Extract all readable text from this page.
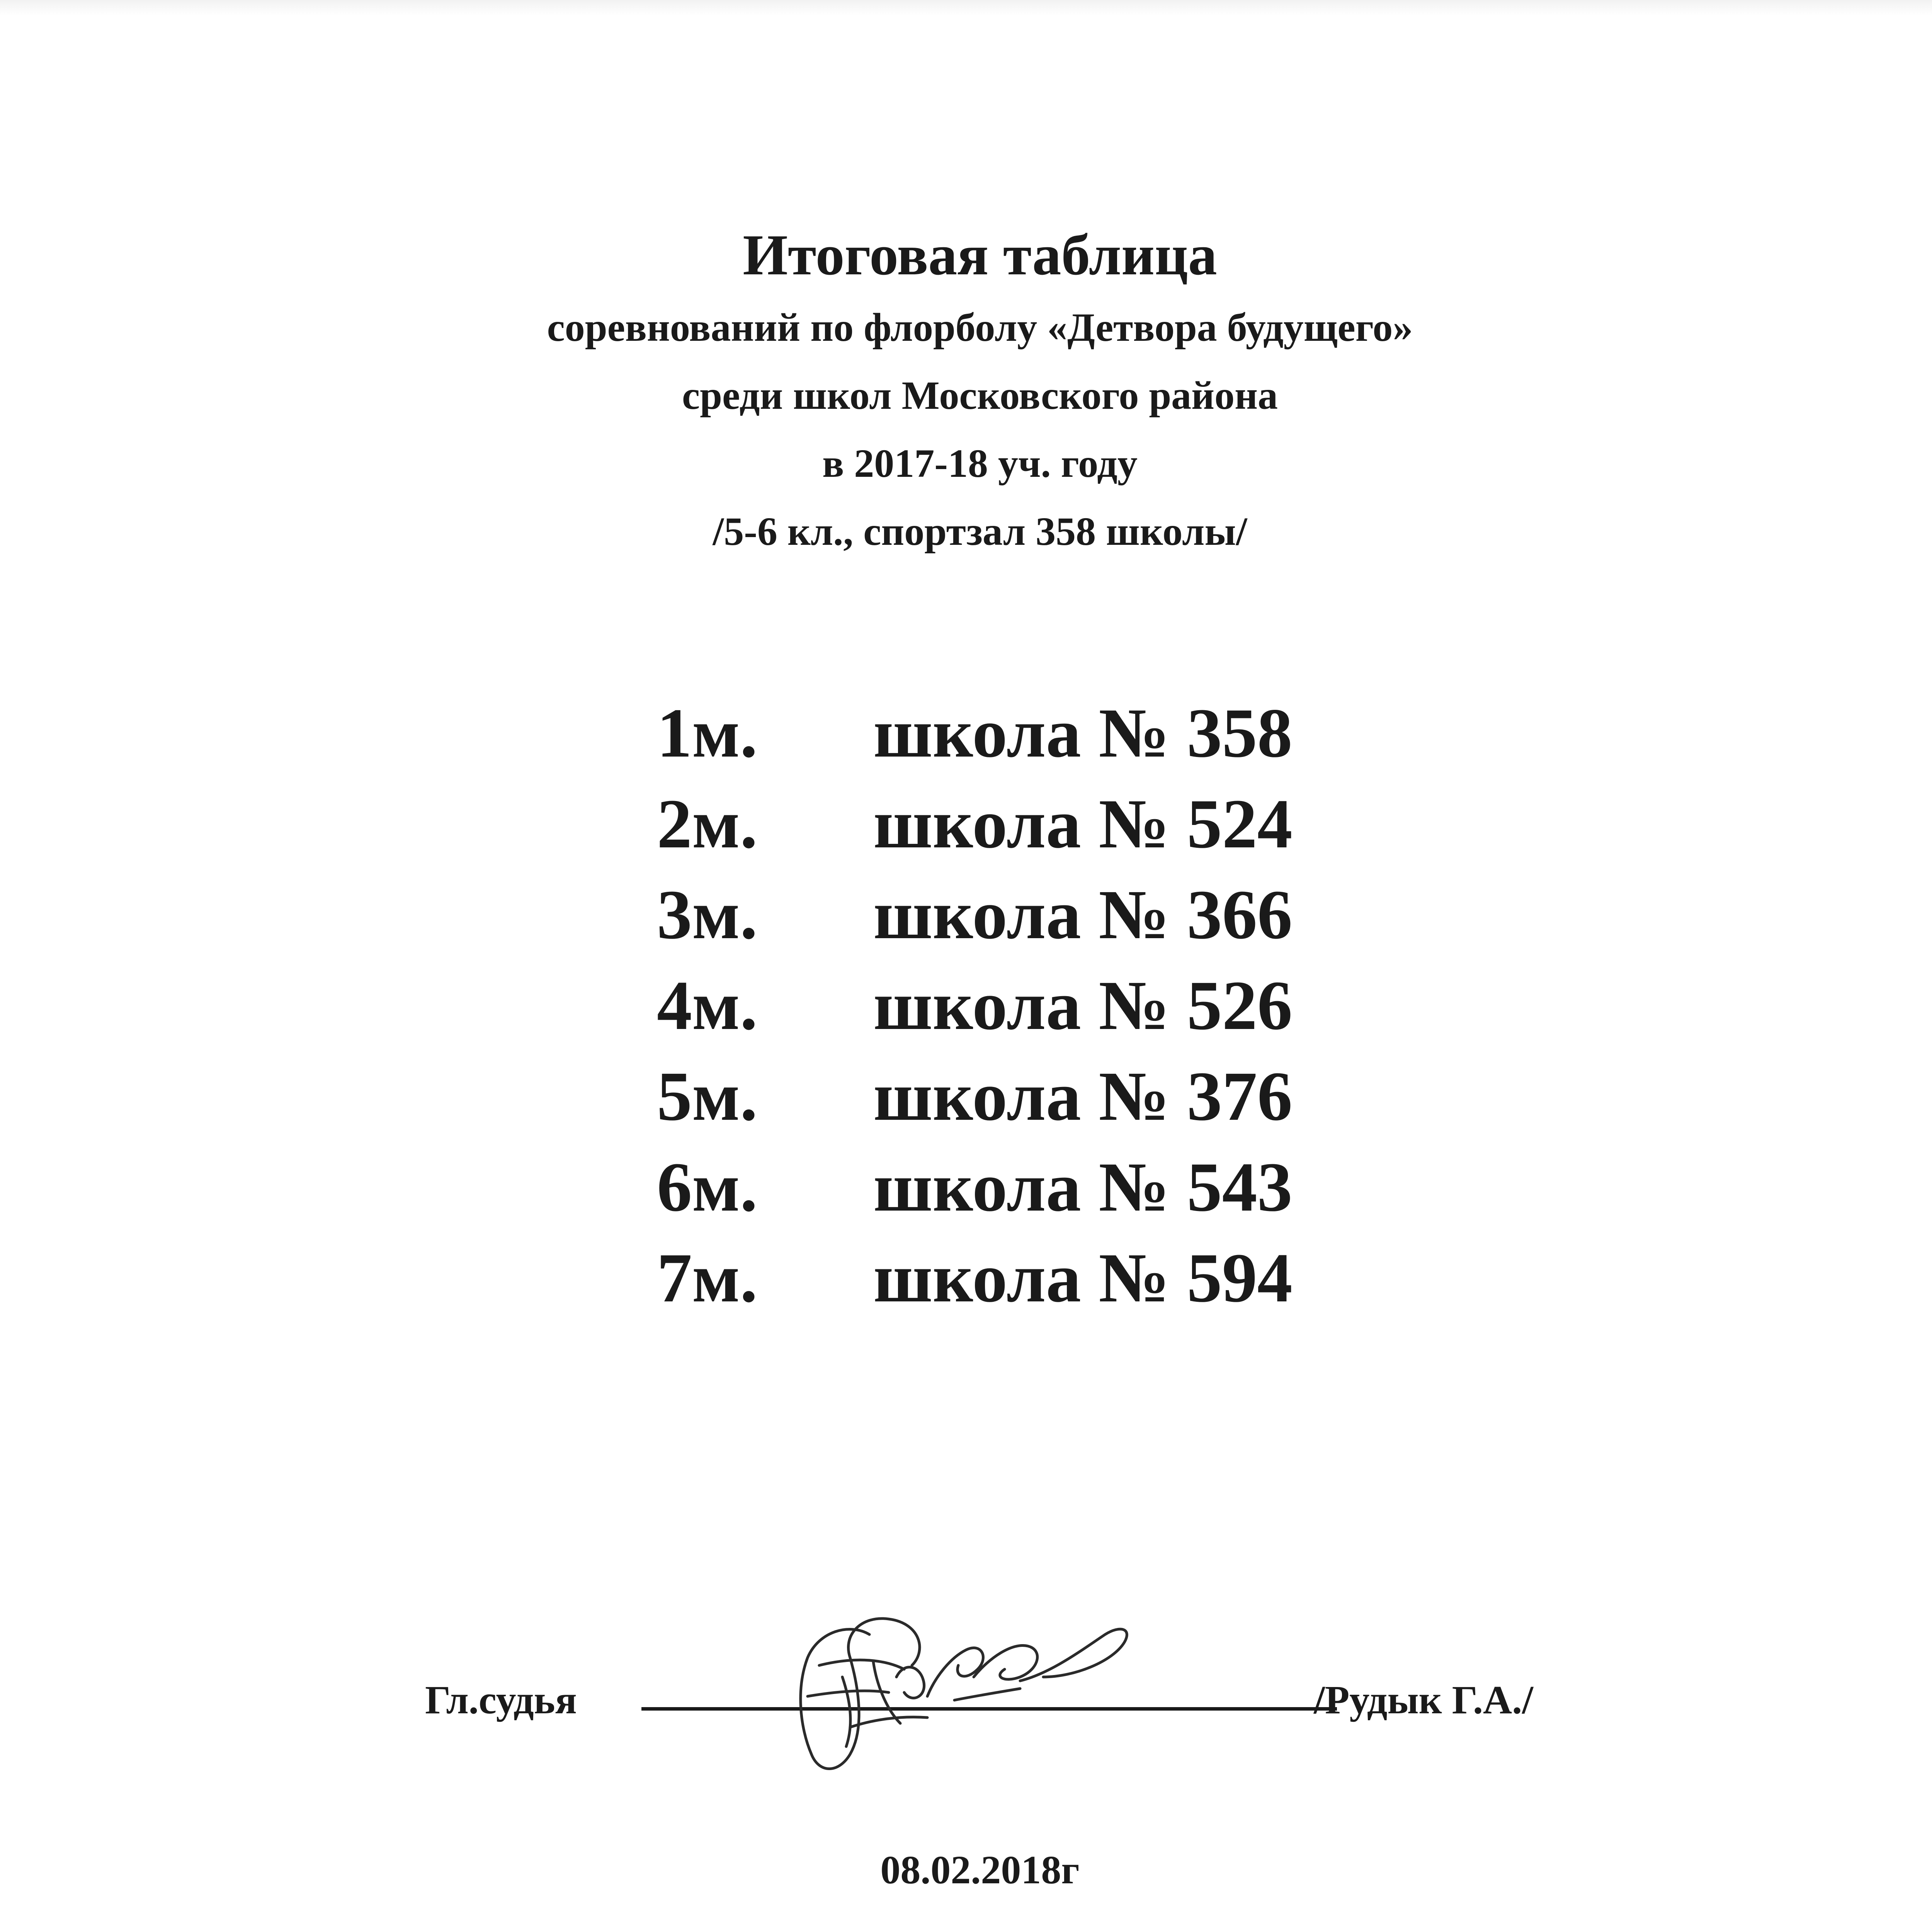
Итоговая таблица

соревнований по флорболу «Детвора будущего»

среди школ Московского района

в 2017-18 уч. году

/5-6 кл., спортзал 358 школы/

1м.	школа № 358
2м.	школа № 524
3м.	школа № 366
4м.	школа № 526
5м.	школа № 376
6м.	школа № 543
7м.	школа № 594
Гл.судья	/Рудык Г.А./
08.02.2018г
